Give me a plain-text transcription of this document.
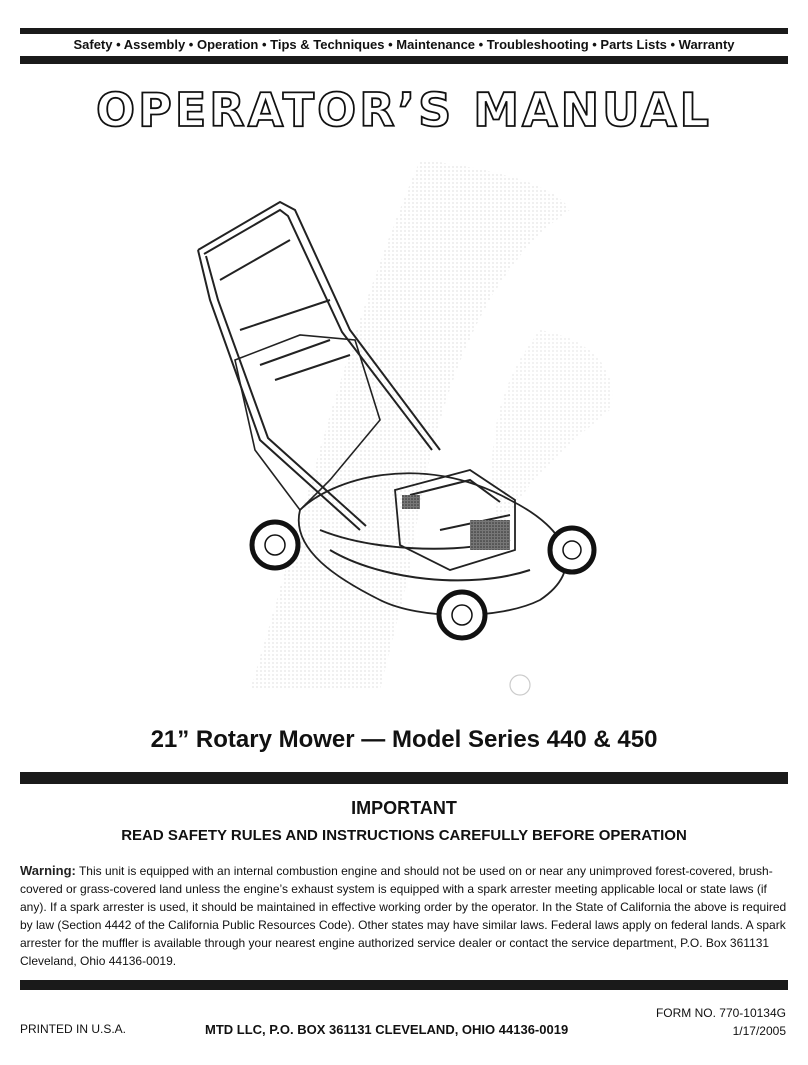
Safety • Assembly • Operation • Tips & Techniques • Maintenance • Troubleshooting • Parts Lists • Warranty
OPERATOR’S MANUAL
21” Rotary Mower — Model Series 440 & 450
IMPORTANT
READ SAFETY RULES AND INSTRUCTIONS CAREFULLY BEFORE OPERATION
Warning: This unit is equipped with an internal combustion engine and should not be used on or near any unimproved forest-covered, brush-covered or grass-covered land unless the engine’s exhaust system is equipped with a spark arrester meeting applicable local or state laws (if any). If a spark arrester is used, it should be maintained in effective working order by the operator. In the State of California the above is required by law (Section 4442 of the California Public Resources Code). Other states may have similar laws. Federal laws apply on federal lands. A spark arrester for the muffler is available through your nearest engine authorized service dealer or contact the service department, P.O. Box 361131 Cleveland, Ohio 44136-0019.
PRINTED IN U.S.A.	MTD LLC, P.O. BOX 361131 CLEVELAND, OHIO 44136-0019
FORM NO. 770-10134G
1/17/2005
